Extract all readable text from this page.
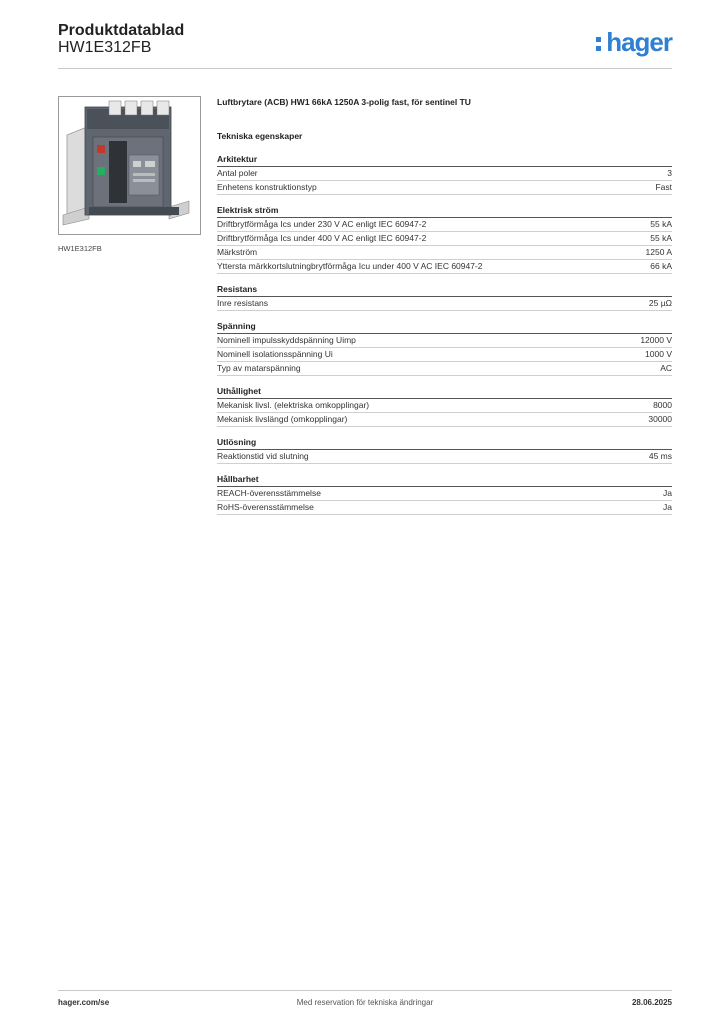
Produktdatablad
HW1E312FB	hager
HW1E312FB
Luftbrytare (ACB) HW1 66kA 1250A 3-polig fast, för sentinel TU
Tekniska egenskaper
Arkitektur
Antal poler	3
Enhetens konstruktionstyp	Fast
Elektrisk ström
Driftbrytförmåga Ics under 230 V AC enligt IEC 60947-2	55 kA
Driftbrytförmåga Ics under 400 V AC enligt IEC 60947-2	55 kA
Märkström	1250 A
Yttersta märkkortslutningbrytförmåga Icu under 400 V AC IEC 60947-2	66 kA
Resistans
Inre resistans	25 µΩ
Spänning
Nominell impulsskyddspänning Uimp	12000 V
Nominell isolationsspänning Ui	1000 V
Typ av matarspänning	AC
Uthållighet
Mekanisk livsl. (elektriska omkopplingar)	8000
Mekanisk livslängd (omkopplingar)	30000
Utlösning
Reaktionstid vid slutning	45 ms
Hållbarhet
REACH-överensstämmelse	Ja
RoHS-överensstämmelse	Ja
hager.com/se	Med reservation för tekniska ändringar	28.06.2025
